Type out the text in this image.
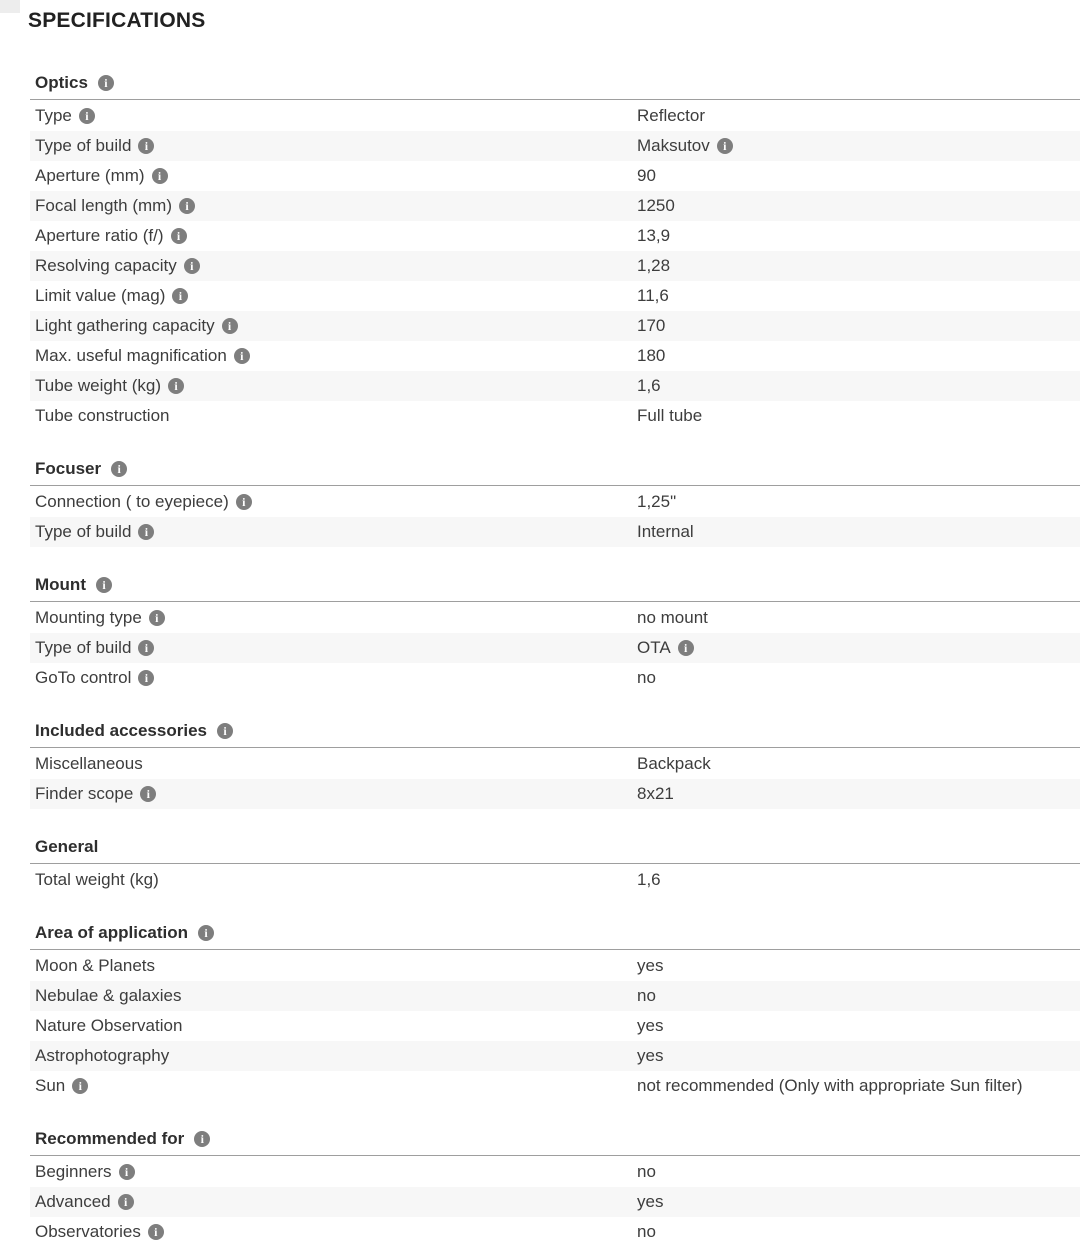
SPECIFICATIONS
Optics	i
Type	i	Reflector
Type of build	i	Maksutov	i
Aperture (mm)	i	90
Focal length (mm)	i	1250
Aperture ratio (f/)	i	13,9
Resolving capacity	i	1,28
Limit value (mag)	i	11,6
Light gathering capacity	i	170
Max. useful magnification	i	180
Tube weight (kg)	i	1,6
Tube construction	Full tube
Focuser	i
Connection ( to eyepiece)	i	1,25"
Type of build	i	Internal
Mount	i
Mounting type	i	no mount
Type of build	i	OTA	i
GoTo control	i	no
Included accessories	i
Miscellaneous	Backpack
Finder scope	i	8x21
General
Total weight (kg)	1,6
Area of application	i
Moon & Planets	yes
Nebulae & galaxies	no
Nature Observation	yes
Astrophotography	yes
Sun	i	not recommended (Only with appropriate Sun filter)
Recommended for	i
Beginners	i	no
Advanced	i	yes
Observatories	i	no
